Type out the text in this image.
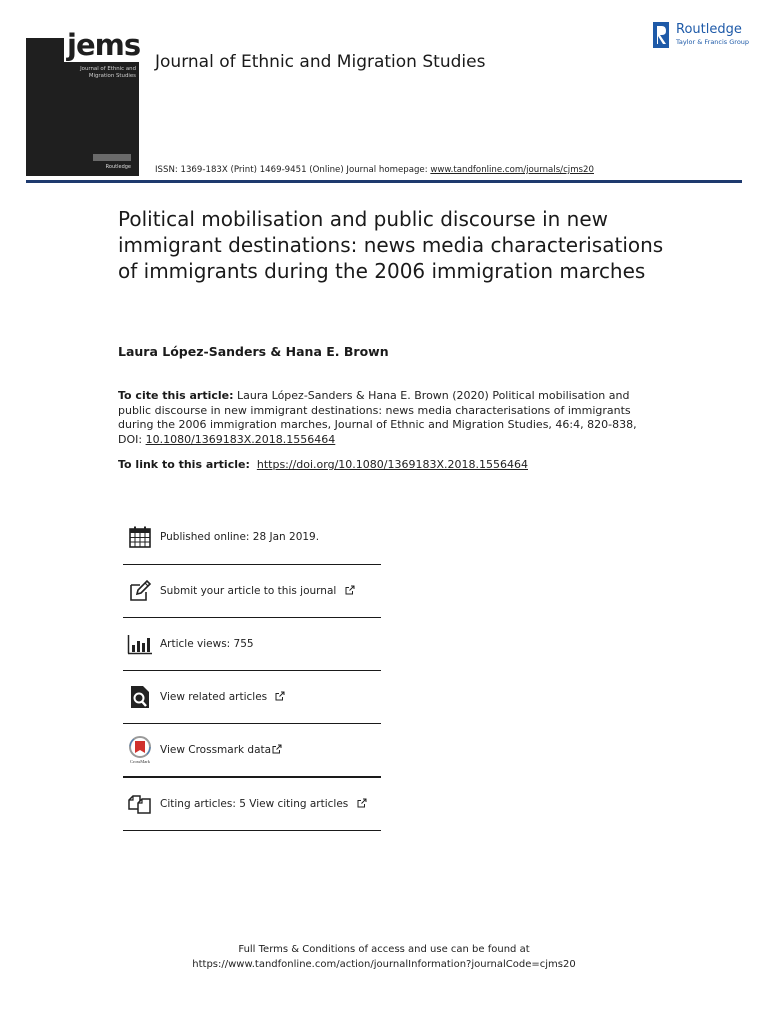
jems
Journal of Ethnic and Migration Studies
Routledge
Journal of Ethnic and Migration Studies
Routledge
Taylor & Francis Group
ISSN: 1369-183X (Print) 1469-9451 (Online) Journal homepage: www.tandfonline.com/journals/cjms20
Political mobilisation and public discourse in new immigrant destinations: news media characterisations of immigrants during the 2006 immigration marches
Laura López-Sanders & Hana E. Brown
To cite this article: Laura López-Sanders & Hana E. Brown (2020) Political mobilisation and public discourse in new immigrant destinations: news media characterisations of immigrants during the 2006 immigration marches, Journal of Ethnic and Migration Studies, 46:4, 820-838, DOI: 10.1080/1369183X.2018.1556464
To link to this article: https://doi.org/10.1080/1369183X.2018.1556464
Published online: 28 Jan 2019.
Submit your article to this journal
Article views: 755
View related articles
CrossMark
View Crossmark data
Citing articles: 5 View citing articles
Full Terms & Conditions of access and use can be found at
https://www.tandfonline.com/action/journalInformation?journalCode=cjms20
